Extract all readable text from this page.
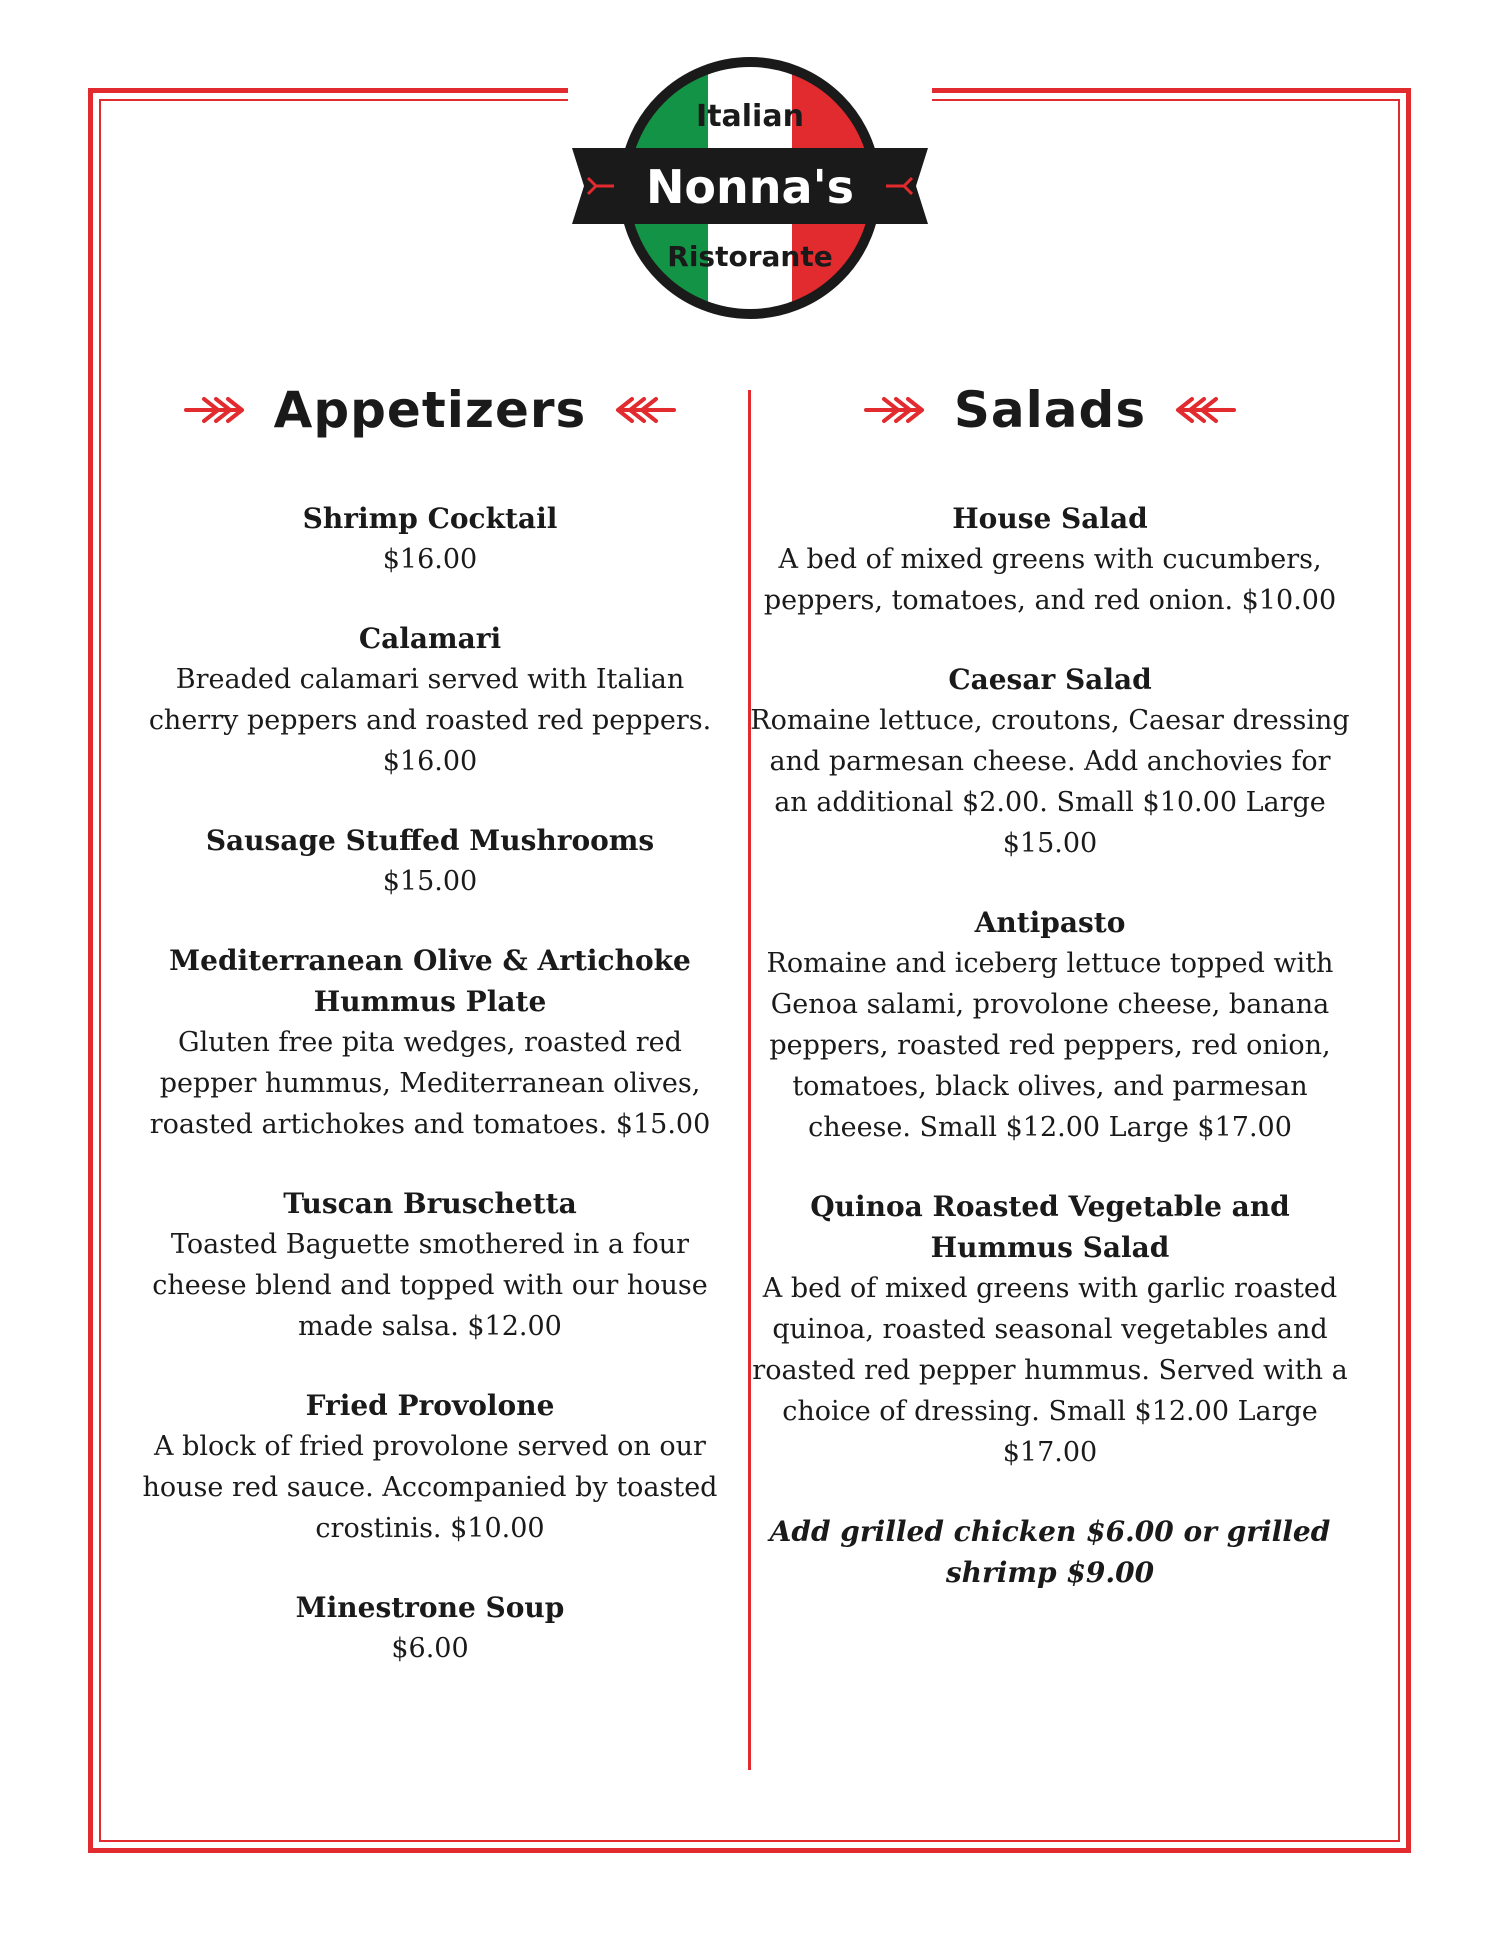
Italian
Nonna's
Ristorante
Appetizers
Shrimp Cocktail
$16.00
Calamari
Breaded calamari served with Italian cherry peppers and roasted red peppers. $16.00
Sausage Stuffed Mushrooms
$15.00
Mediterranean Olive & Artichoke Hummus Plate
Gluten free pita wedges, roasted red pepper hummus, Mediterranean olives, roasted artichokes and tomatoes. $15.00
Tuscan Bruschetta
Toasted Baguette smothered in a four cheese blend and topped with our house made salsa. $12.00
Fried Provolone
A block of fried provolone served on our house red sauce. Accompanied by toasted crostinis. $10.00
Minestrone Soup
$6.00
Salads
House Salad
A bed of mixed greens with cucumbers, peppers, tomatoes, and red onion. $10.00
Caesar Salad
Romaine lettuce, croutons, Caesar dressing and parmesan cheese. Add anchovies for an additional $2.00. Small $10.00 Large $15.00
Antipasto
Romaine and iceberg lettuce topped with Genoa salami, provolone cheese, banana peppers, roasted red peppers, red onion, tomatoes, black olives, and parmesan cheese. Small $12.00 Large $17.00
Quinoa Roasted Vegetable and Hummus Salad
A bed of mixed greens with garlic roasted quinoa, roasted seasonal vegetables and roasted red pepper hummus. Served with a choice of dressing. Small $12.00 Large $17.00
Add grilled chicken $6.00 or grilled shrimp $9.00
